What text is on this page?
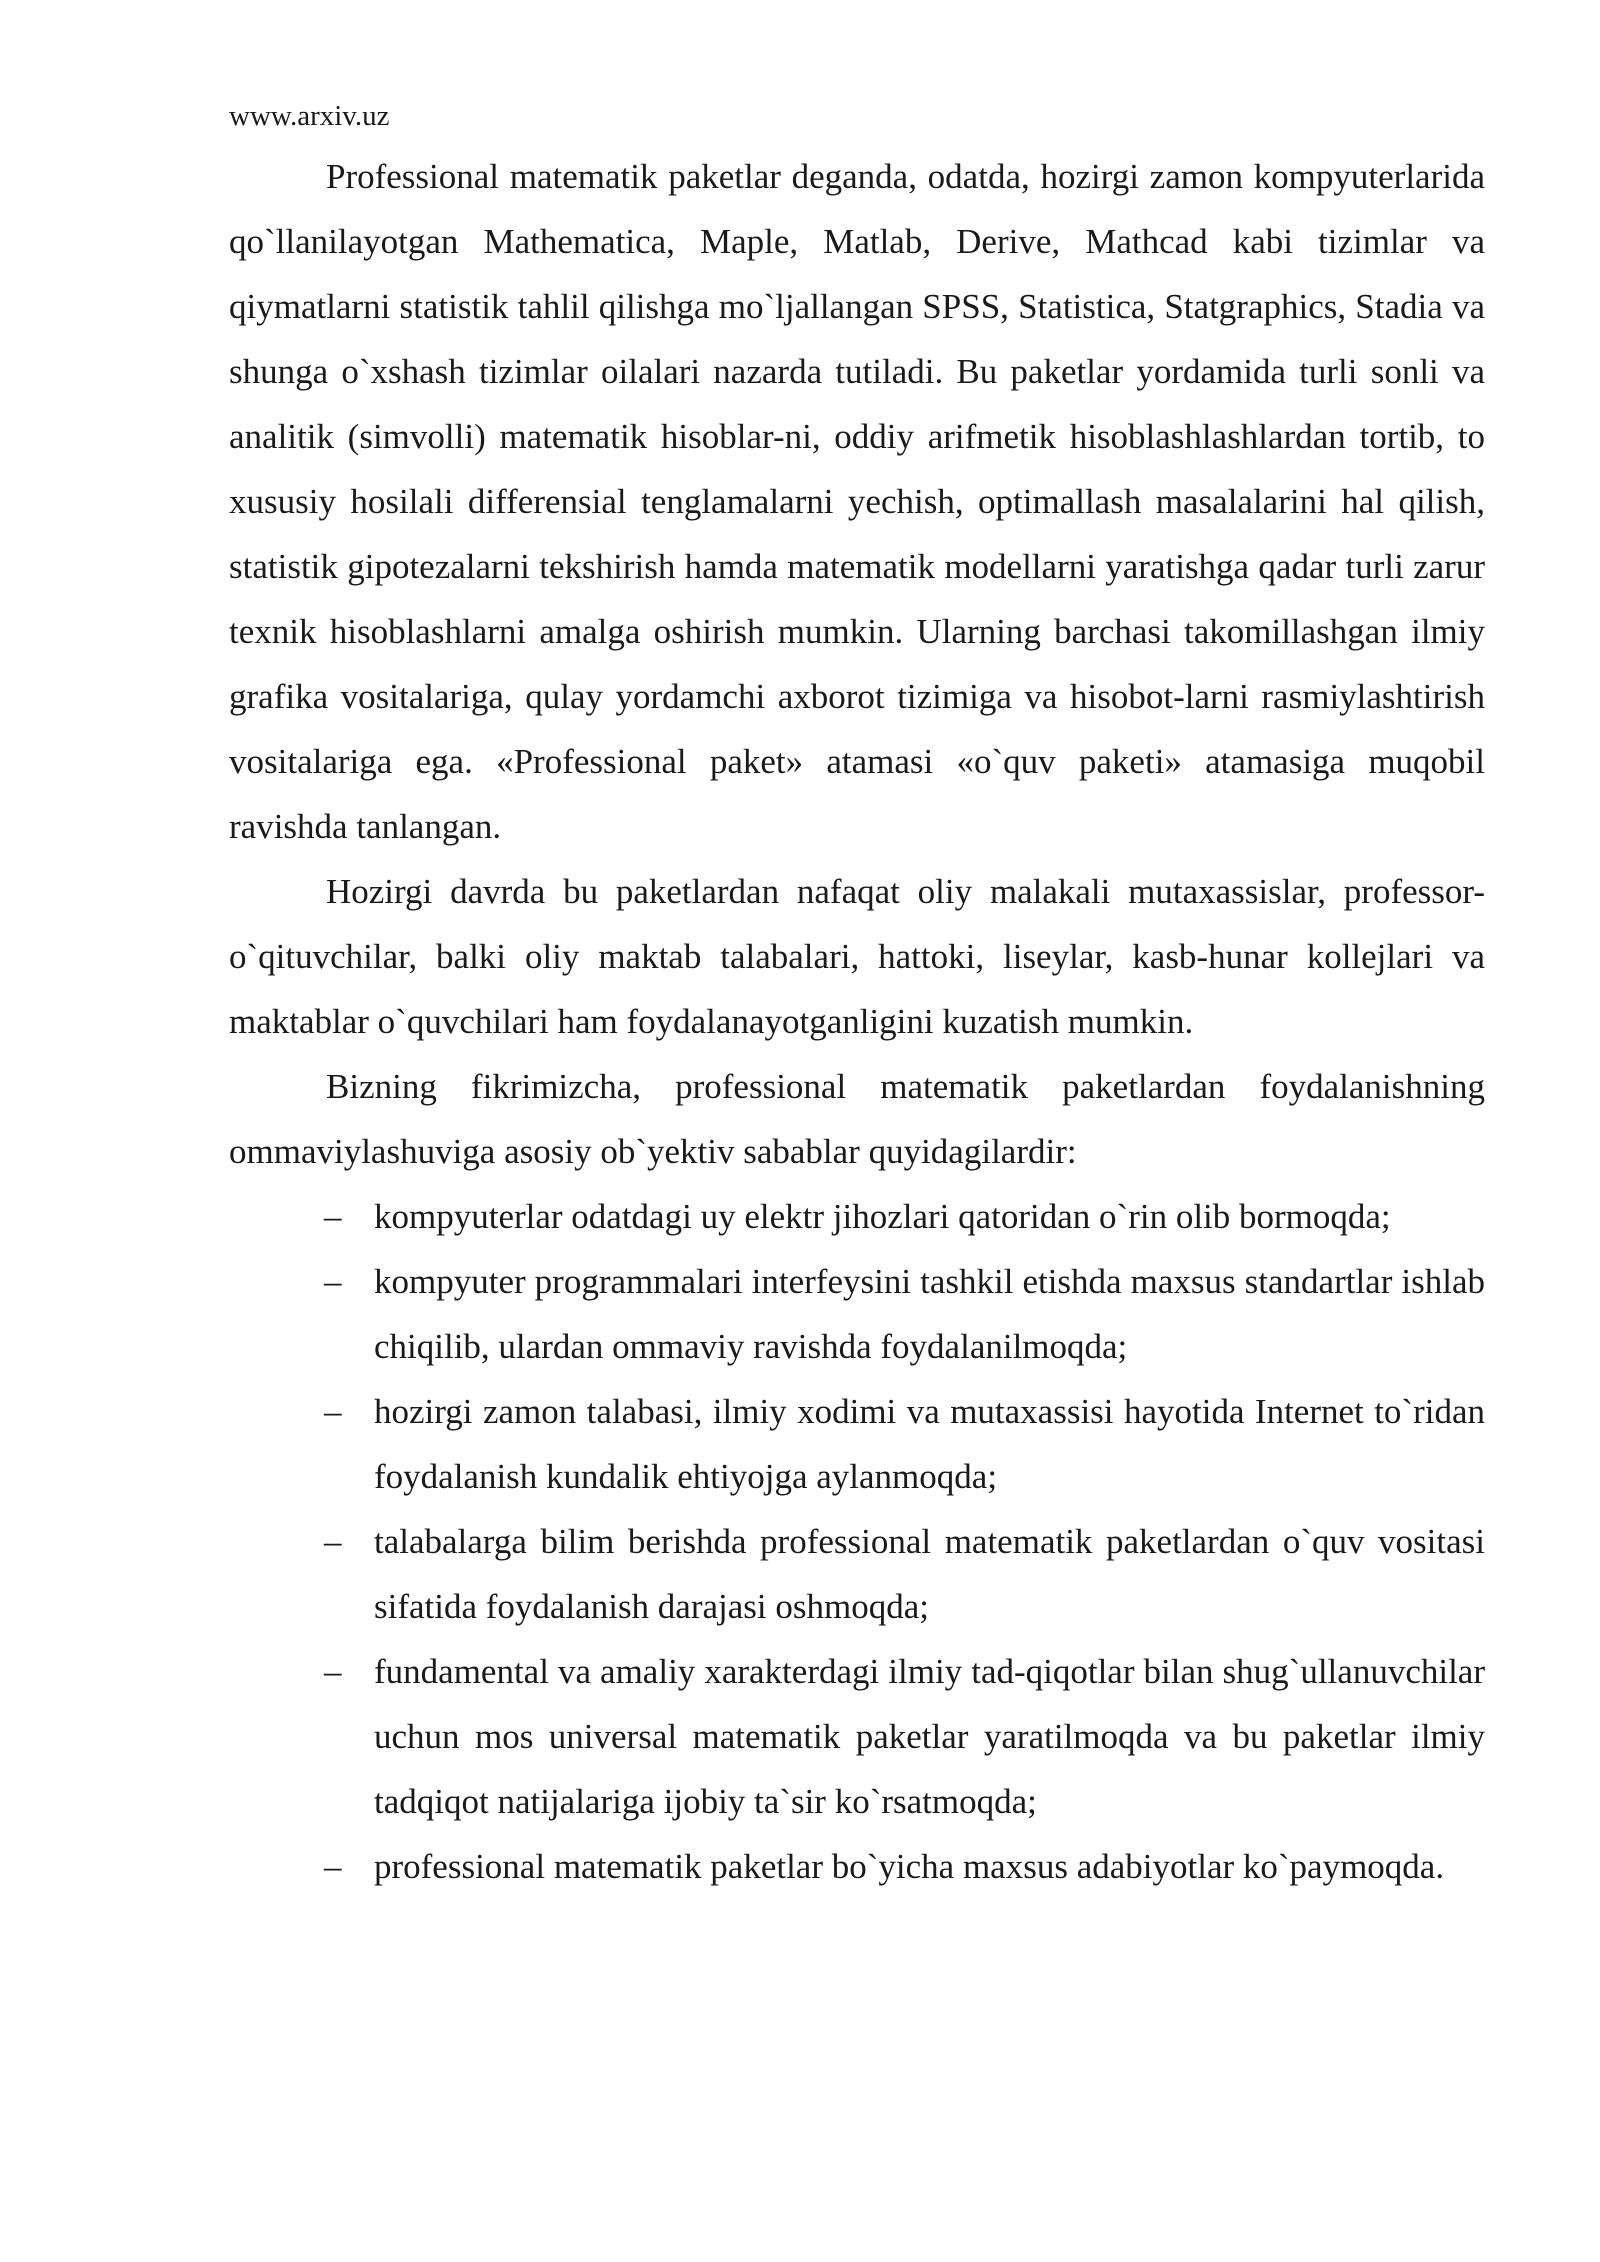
www.arxiv.uz

Professional matematik paketlar deganda, odatda, hozirgi zamon kompyuterlarida qo`llanilayotgan Mathematica, Maple, Matlab, Derive, Mathcad kabi tizimlar va qiymatlarni statistik tahlil qilishga mo`ljallangan SPSS, Statistica, Statgraphics, Stadia va shunga o`xshash tizimlar oilalari nazarda tutiladi. Bu paketlar yordamida turli sonli va analitik (simvolli) matematik hisoblar-ni, oddiy arifmetik hisoblashlashlardan tortib, to xususiy hosilali differensial tenglamalarni yechish, optimallash masalalarini hal qilish, statistik gipotezalarni tekshirish hamda matematik modellarni yaratishga qadar turli zarur texnik hisoblashlarni amalga oshirish mumkin. Ularning barchasi takomillashgan ilmiy grafika vositalariga, qulay yordamchi axborot tizimiga va hisobot-larni rasmiylashtirish vositalariga ega. «Professional paket» atamasi «o`quv paketi» atamasiga muqobil ravishda tanlangan.

Hozirgi davrda bu paketlardan nafaqat oliy malakali mutaxassislar, professor-o`qituvchilar, balki oliy maktab talabalari, hattoki, liseylar, kasb-hunar kollejlari va maktablar o`quvchilari ham foydalanayotganligini kuzatish mumkin.

Bizning fikrimizcha, professional matematik paketlardan foydalanishning ommaviylashuviga asosiy ob`yektiv sabablar quyidagilardir:

– kompyuterlar odatdagi uy elektr jihozlari qatoridan o`rin olib bormoqda;
– kompyuter programmalari interfeysini tashkil etishda maxsus standartlar ishlab chiqilib, ulardan ommaviy ravishda foydalanilmoqda;
– hozirgi zamon talabasi, ilmiy xodimi va mutaxassisi hayotida Internet to`ridan foydalanish kundalik ehtiyojga aylanmoqda;
– talabalarga bilim berishda professional matematik paketlardan o`quv vositasi sifatida foydalanish darajasi oshmoqda;
– fundamental va amaliy xarakterdagi ilmiy tad-qiqotlar bilan shug`ullanuvchilar uchun mos universal matematik paketlar yaratilmoqda va bu paketlar ilmiy tadqiqot natijalariga ijobiy ta`sir ko`rsatmoqda;
– professional matematik paketlar bo`yicha maxsus adabiyotlar ko`paymoqda.
